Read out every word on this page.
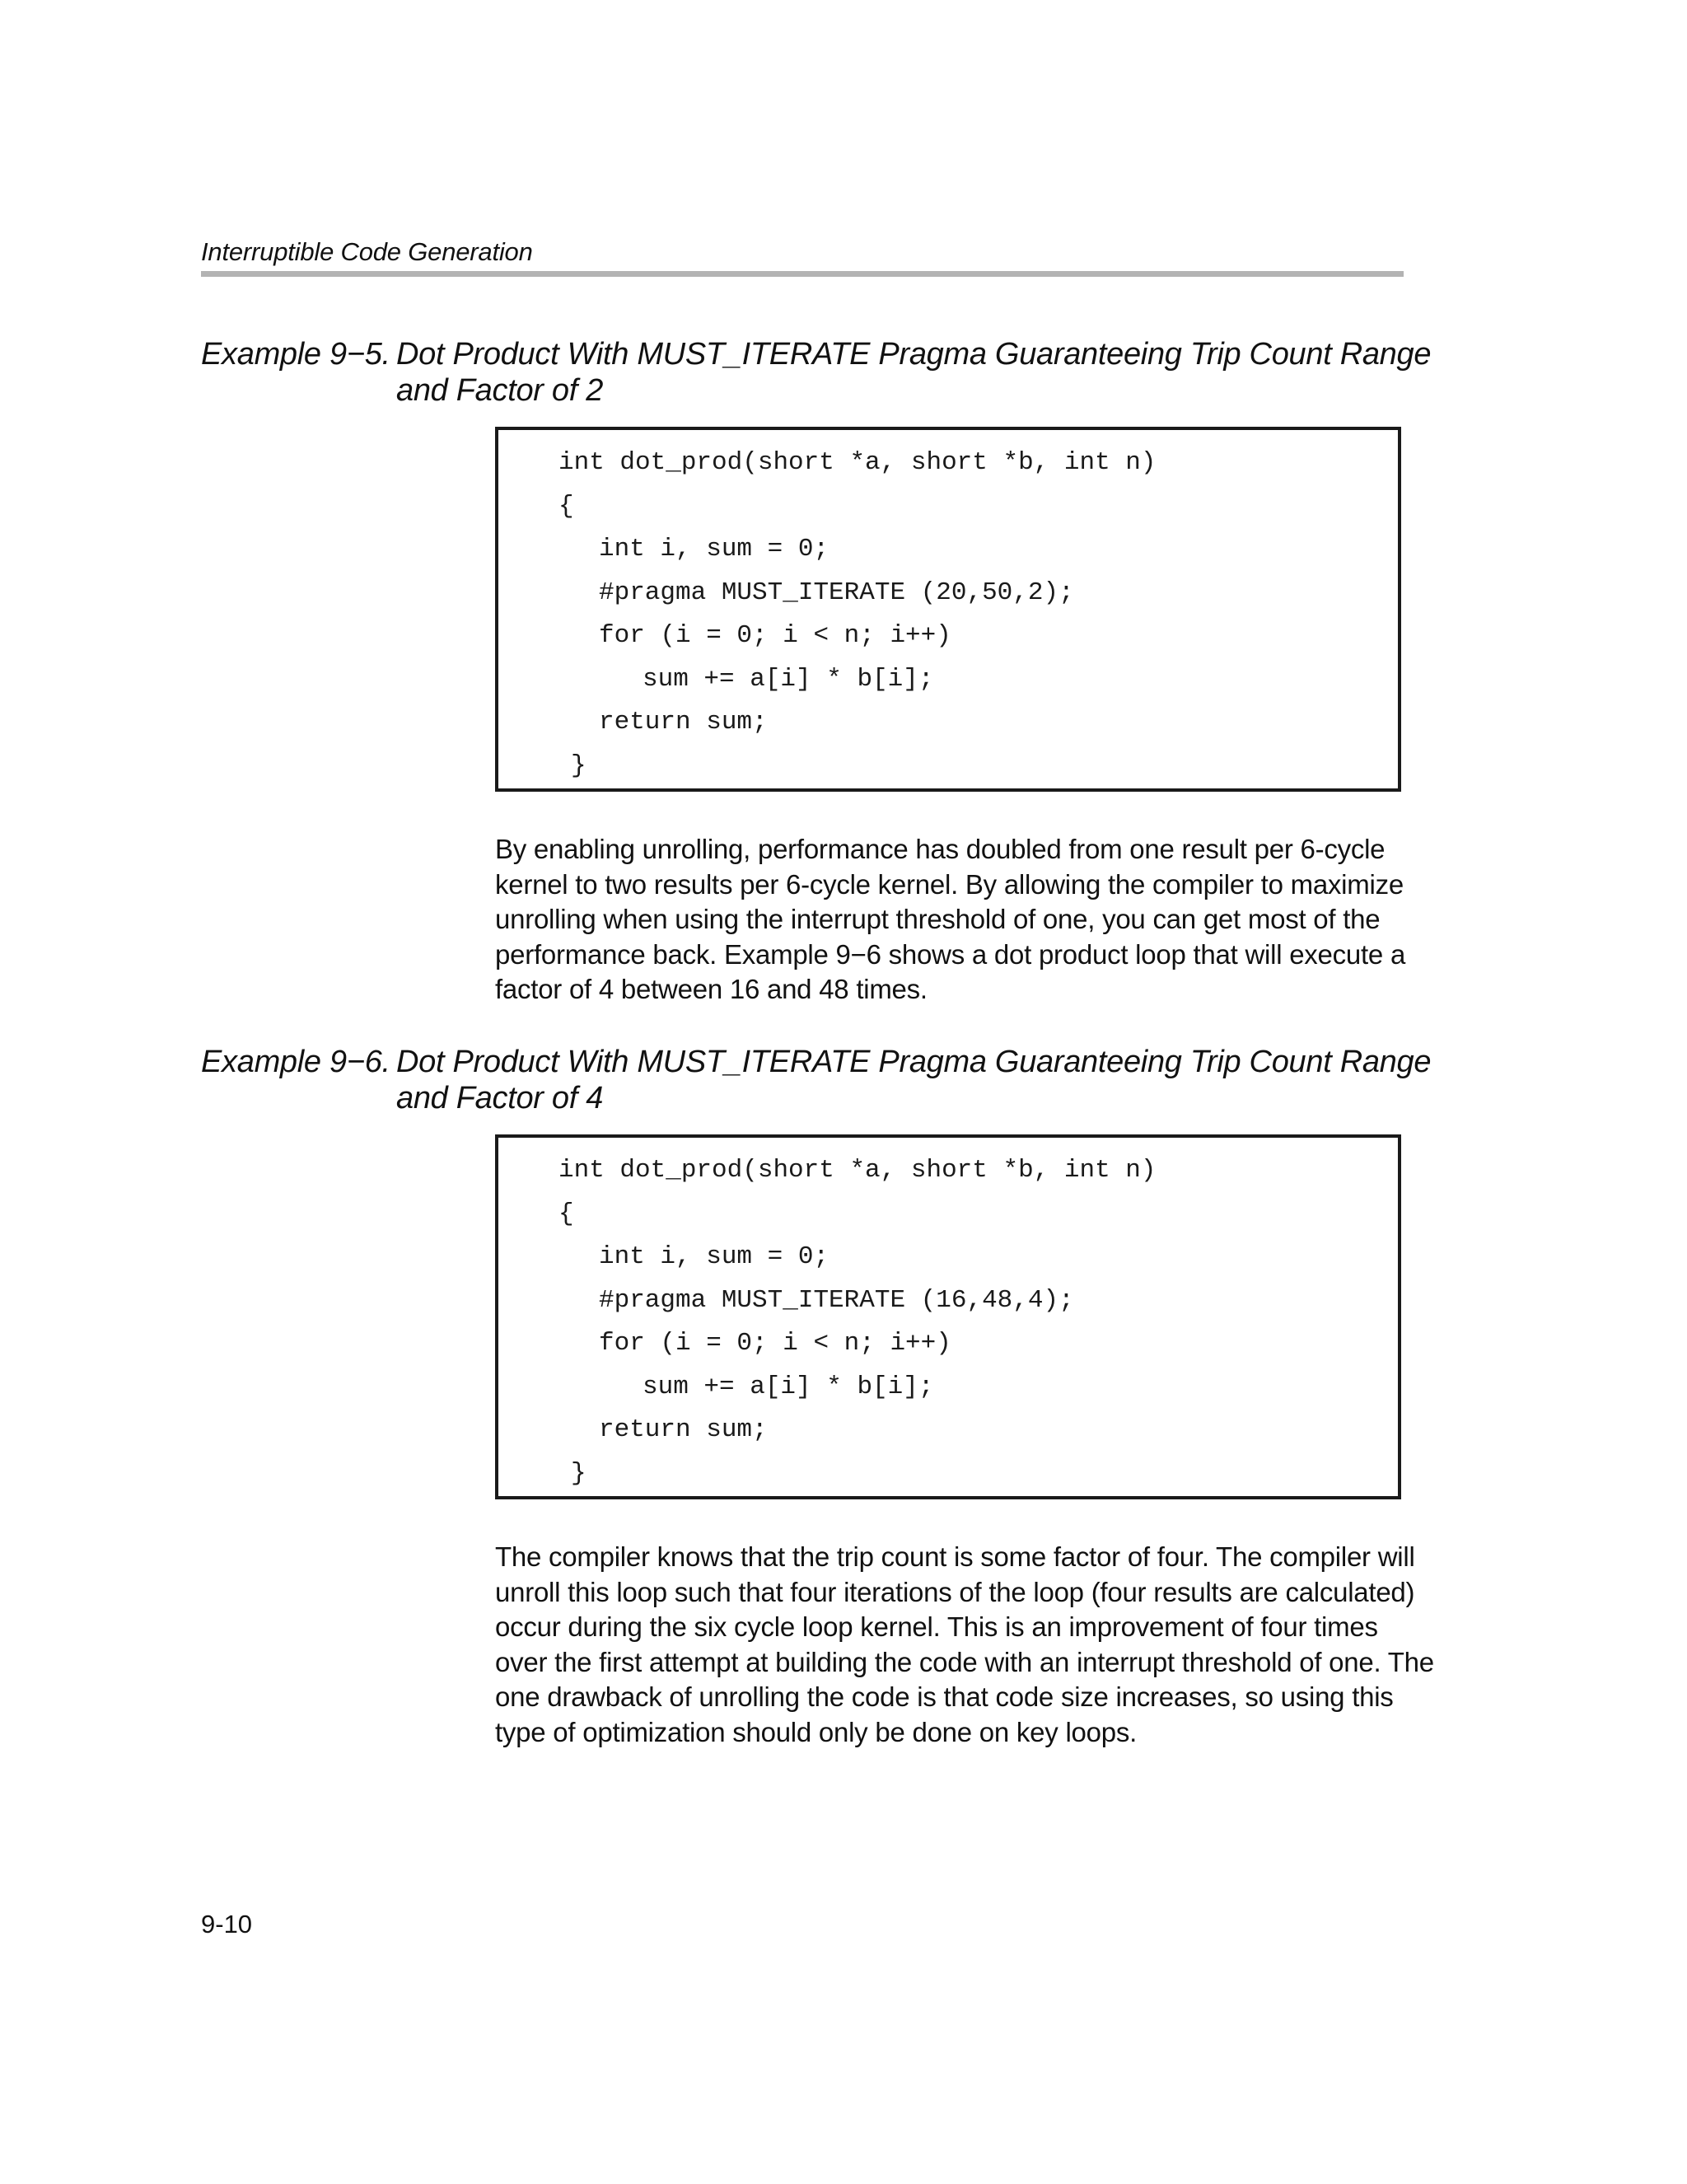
Interruptible Code Generation
Example 9−5. Dot Product With MUST_ITERATE Pragma Guaranteeing Trip Count Range
and Factor of 2
int dot_prod(short *a, short *b, int n)
{
int i, sum = 0;
#pragma MUST_ITERATE (20,50,2);
for (i = 0; i < n; i++)
sum += a[i] * b[i];
return sum;
}
By enabling unrolling, performance has doubled from one result per 6-cycle
kernel to two results per 6-cycle kernel. By allowing the compiler to maximize
unrolling when using the interrupt threshold of one, you can get most of the
performance back. Example 9−6 shows a dot product loop that will execute a
factor of 4 between 16 and 48 times.
Example 9−6. Dot Product With MUST_ITERATE Pragma Guaranteeing Trip Count Range
and Factor of 4
int dot_prod(short *a, short *b, int n)
{
int i, sum = 0;
#pragma MUST_ITERATE (16,48,4);
for (i = 0; i < n; i++)
sum += a[i] * b[i];
return sum;
}
The compiler knows that the trip count is some factor of four. The compiler will
unroll this loop such that four iterations of the loop (four results are calculated)
occur during the six cycle loop kernel. This is an improvement of four times
over the first attempt at building the code with an interrupt threshold of one. The
one drawback of unrolling the code is that code size increases, so using this
type of optimization should only be done on key loops.
9-10
